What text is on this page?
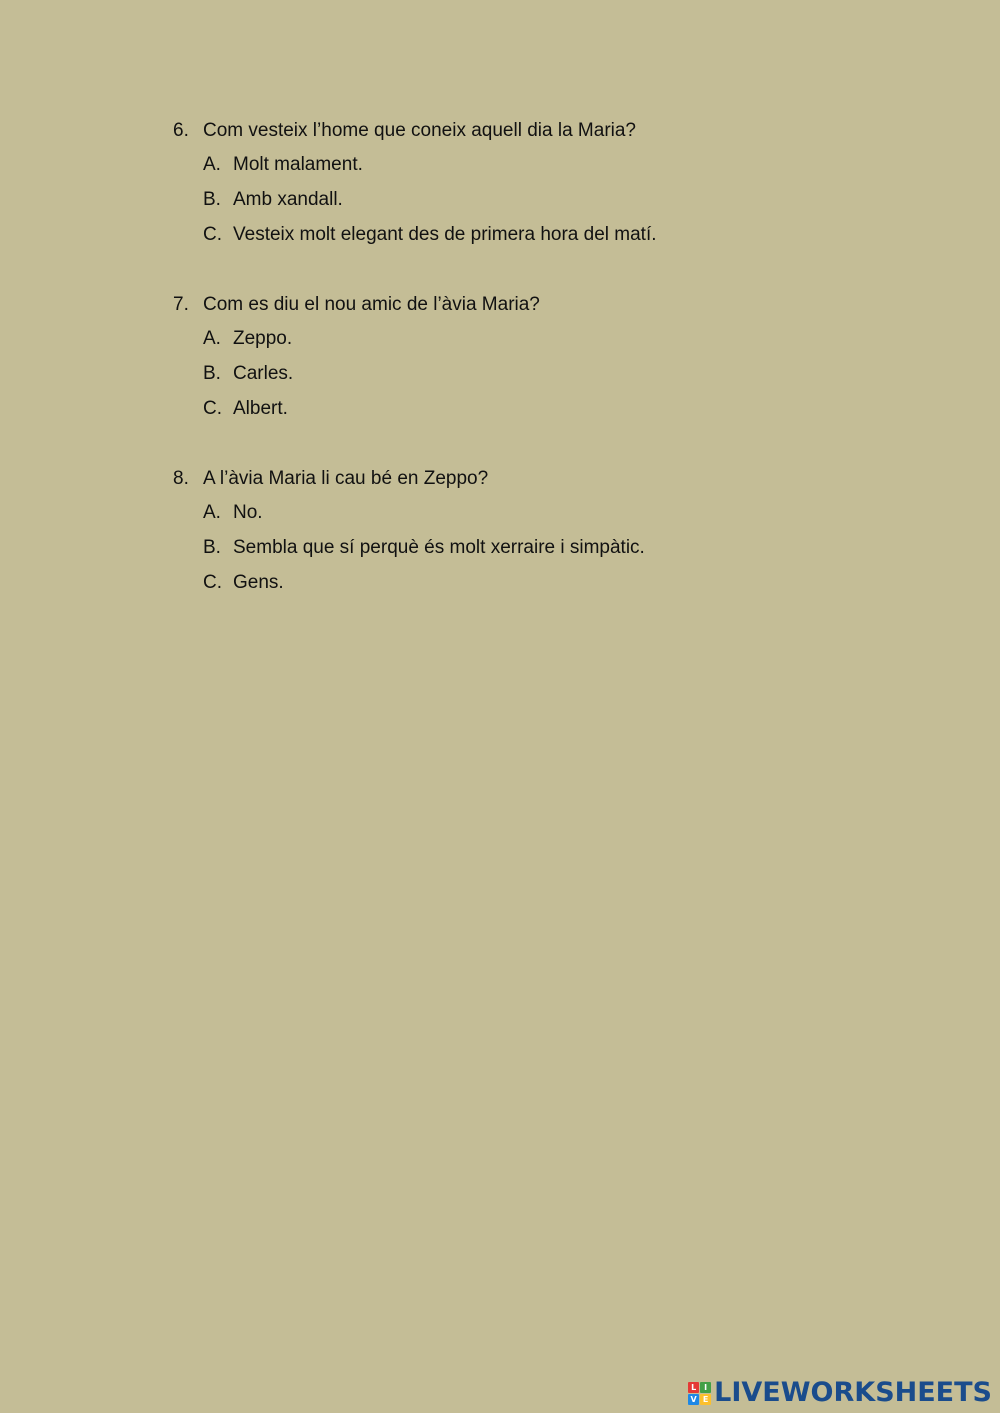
6. Com vesteix l’home que coneix aquell dia la Maria?
A. Molt malament.
B. Amb xandall.
C. Vesteix molt elegant des de primera hora del matí.
7. Com es diu el nou amic de l’àvia Maria?
A. Zeppo.
B. Carles.
C. Albert.
8. A l’àvia Maria li cau bé en Zeppo?
A. No.
B. Sembla que sí perquè és molt xerraire i simpàtic.
C. Gens.
L I
V E LIVEWORKSHEETS
